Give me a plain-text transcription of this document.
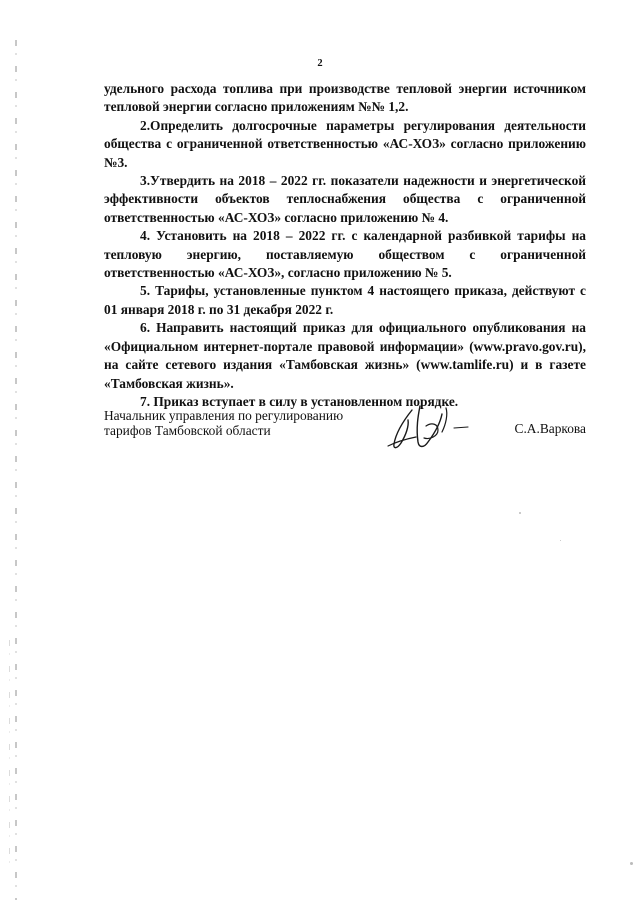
2

удельного расхода топлива при производстве тепловой энергии источником тепловой энергии согласно приложениям №№ 1,2.

2.Определить долгосрочные параметры регулирования деятельности общества с ограниченной ответственностью «АС-ХОЗ» согласно приложению №3.

3.Утвердить на 2018 – 2022 гг. показатели надежности и энергетической эффективности объектов теплоснабжения общества с ограниченной ответственностью «АС-ХОЗ» согласно приложению № 4.

4. Установить на 2018 – 2022 гг. с календарной разбивкой тарифы на тепловую энергию, поставляемую обществом с ограниченной ответственностью «АС-ХОЗ», согласно приложению № 5.

5. Тарифы, установленные пунктом 4 настоящего приказа, действуют с 01 января 2018 г. по 31 декабря 2022 г.

6. Направить настоящий приказ для официального опубликования на «Официальном интернет-портале правовой информации» (www.pravo.gov.ru), на сайте сетевого издания «Тамбовская жизнь» (www.tamlife.ru) и в газете «Тамбовская жизнь».

7. Приказ вступает в силу в установленном порядке.

Начальник управления по регулированию
тарифов Тамбовской области	С.А.Варкова
